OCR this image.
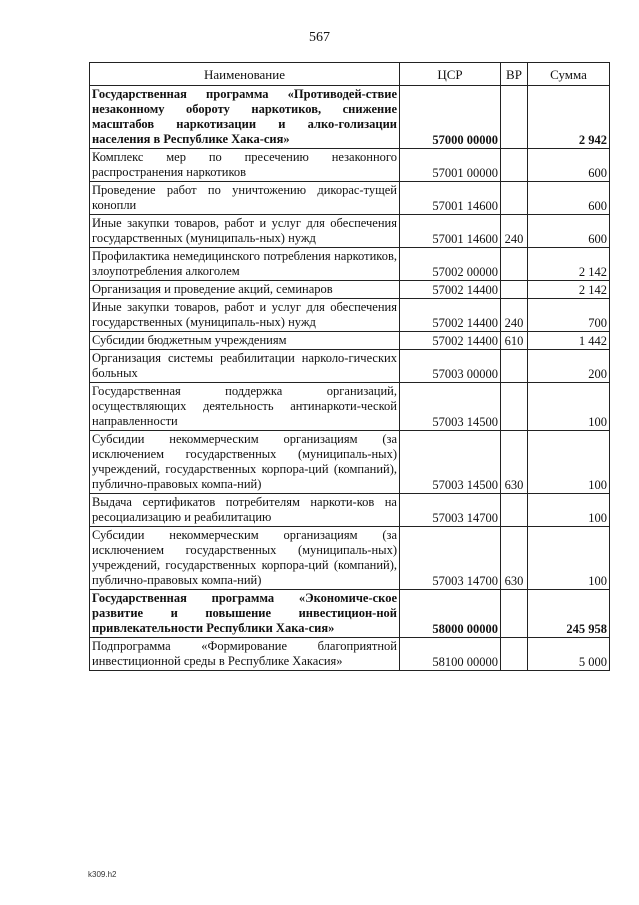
567
Наименование	ЦСР	ВР	Сумма
Государственная программа «Противодей-ствие незаконному обороту наркотиков, снижение масштабов наркотизации и алко-голизации населения в Республике Хака-сия»	57000 00000		2 942
Комплекс мер по пресечению незаконного распространения наркотиков	57001 00000		600
Проведение работ по уничтожению дикорас-тущей конопли	57001 14600		600
Иные закупки товаров, работ и услуг для обеспечения государственных (муниципаль-ных) нужд	57001 14600	240	600
Профилактика немедицинского потребления наркотиков, злоупотребления алкоголем	57002 00000		2 142
Организация и проведение акций, семинаров	57002 14400		2 142
Иные закупки товаров, работ и услуг для обеспечения государственных (муниципаль-ных) нужд	57002 14400	240	700
Субсидии бюджетным учреждениям	57002 14400	610	1 442
Организация системы реабилитации нарколо-гических больных	57003 00000		200
Государственная поддержка организаций, осуществляющих деятельность антинаркоти-ческой направленности	57003 14500		100
Субсидии некоммерческим организациям (за исключением государственных (муниципаль-ных) учреждений, государственных корпора-ций (компаний), публично-правовых компа-ний)	57003 14500	630	100
Выдача сертификатов потребителям наркоти-ков на ресоциализацию и реабилитацию	57003 14700		100
Субсидии некоммерческим организациям (за исключением государственных (муниципаль-ных) учреждений, государственных корпора-ций (компаний), публично-правовых компа-ний)	57003 14700	630	100
Государственная программа «Экономиче-ское развитие и повышение инвестицион-ной привлекательности Республики Хака-сия»	58000 00000		245 958
Подпрограмма «Формирование благоприятной инвестиционной среды в Республике Хакасия»	58100 00000		5 000
k309.h2
